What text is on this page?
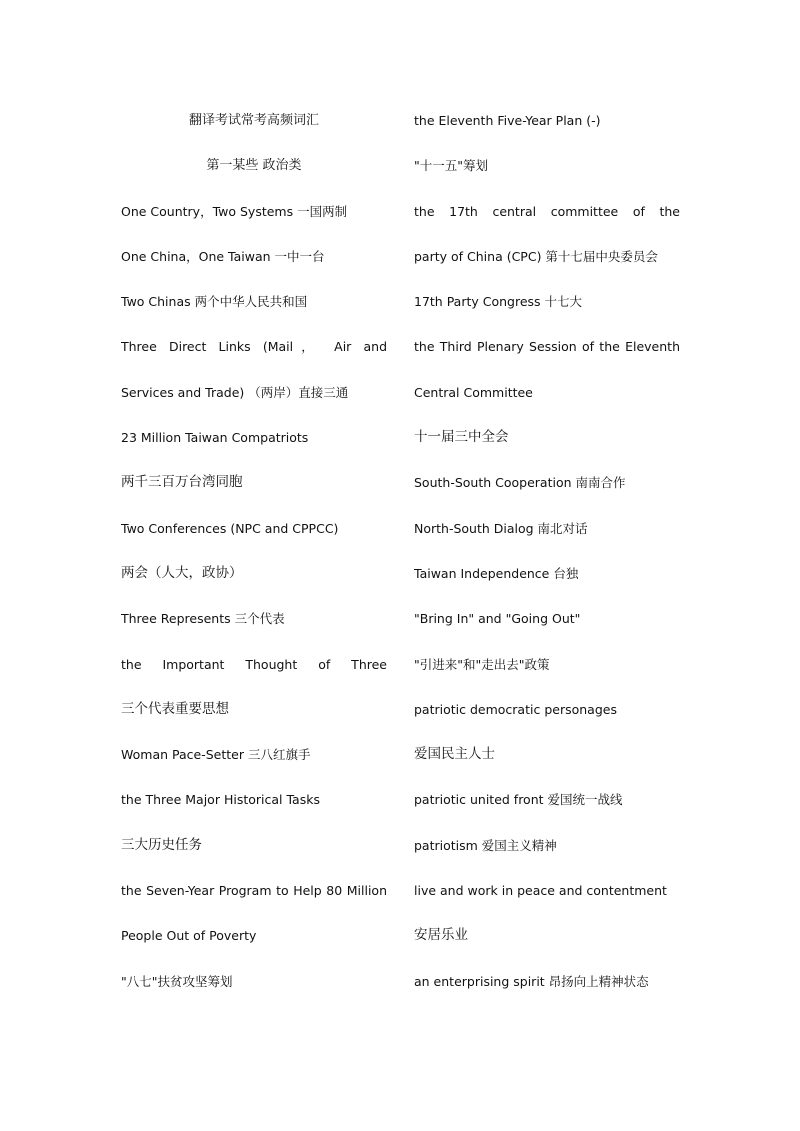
翻译考试常考高频词汇
第一某些 政治类
One Country，Two Systems 一国两制
One China，One Taiwan 一中一台
Two Chinas 两个中华人民共和国
Three Direct Links (Mail， Air and
Services and Trade) （两岸）直接三通
23 Million Taiwan Compatriots
两千三百万台湾同胞
Two Conferences (NPC and CPPCC)
两会（人大，政协）
Three Represents 三个代表
the Important Thought of Three
三个代表重要思想
Woman Pace-Setter 三八红旗手
the Three Major Historical Tasks
三大历史任务
the Seven-Year Program to Help 80 Million
People Out of Poverty
"八七"扶贫攻坚筹划
the Eleventh Five-Year Plan (-)
"十一五"筹划
the 17th central committee of the
party of China (CPC) 第十七届中央委员会
17th Party Congress 十七大
the Third Plenary Session of the Eleventh
Central Committee
十一届三中全会
South-South Cooperation 南南合作
North-South Dialog 南北对话
Taiwan Independence 台独
"Bring In" and "Going Out"
"引进来"和"走出去"政策
patriotic democratic personages
爱国民主人士
patriotic united front 爱国统一战线
patriotism 爱国主义精神
live and work in peace and contentment
安居乐业
an enterprising spirit 昂扬向上精神状态
